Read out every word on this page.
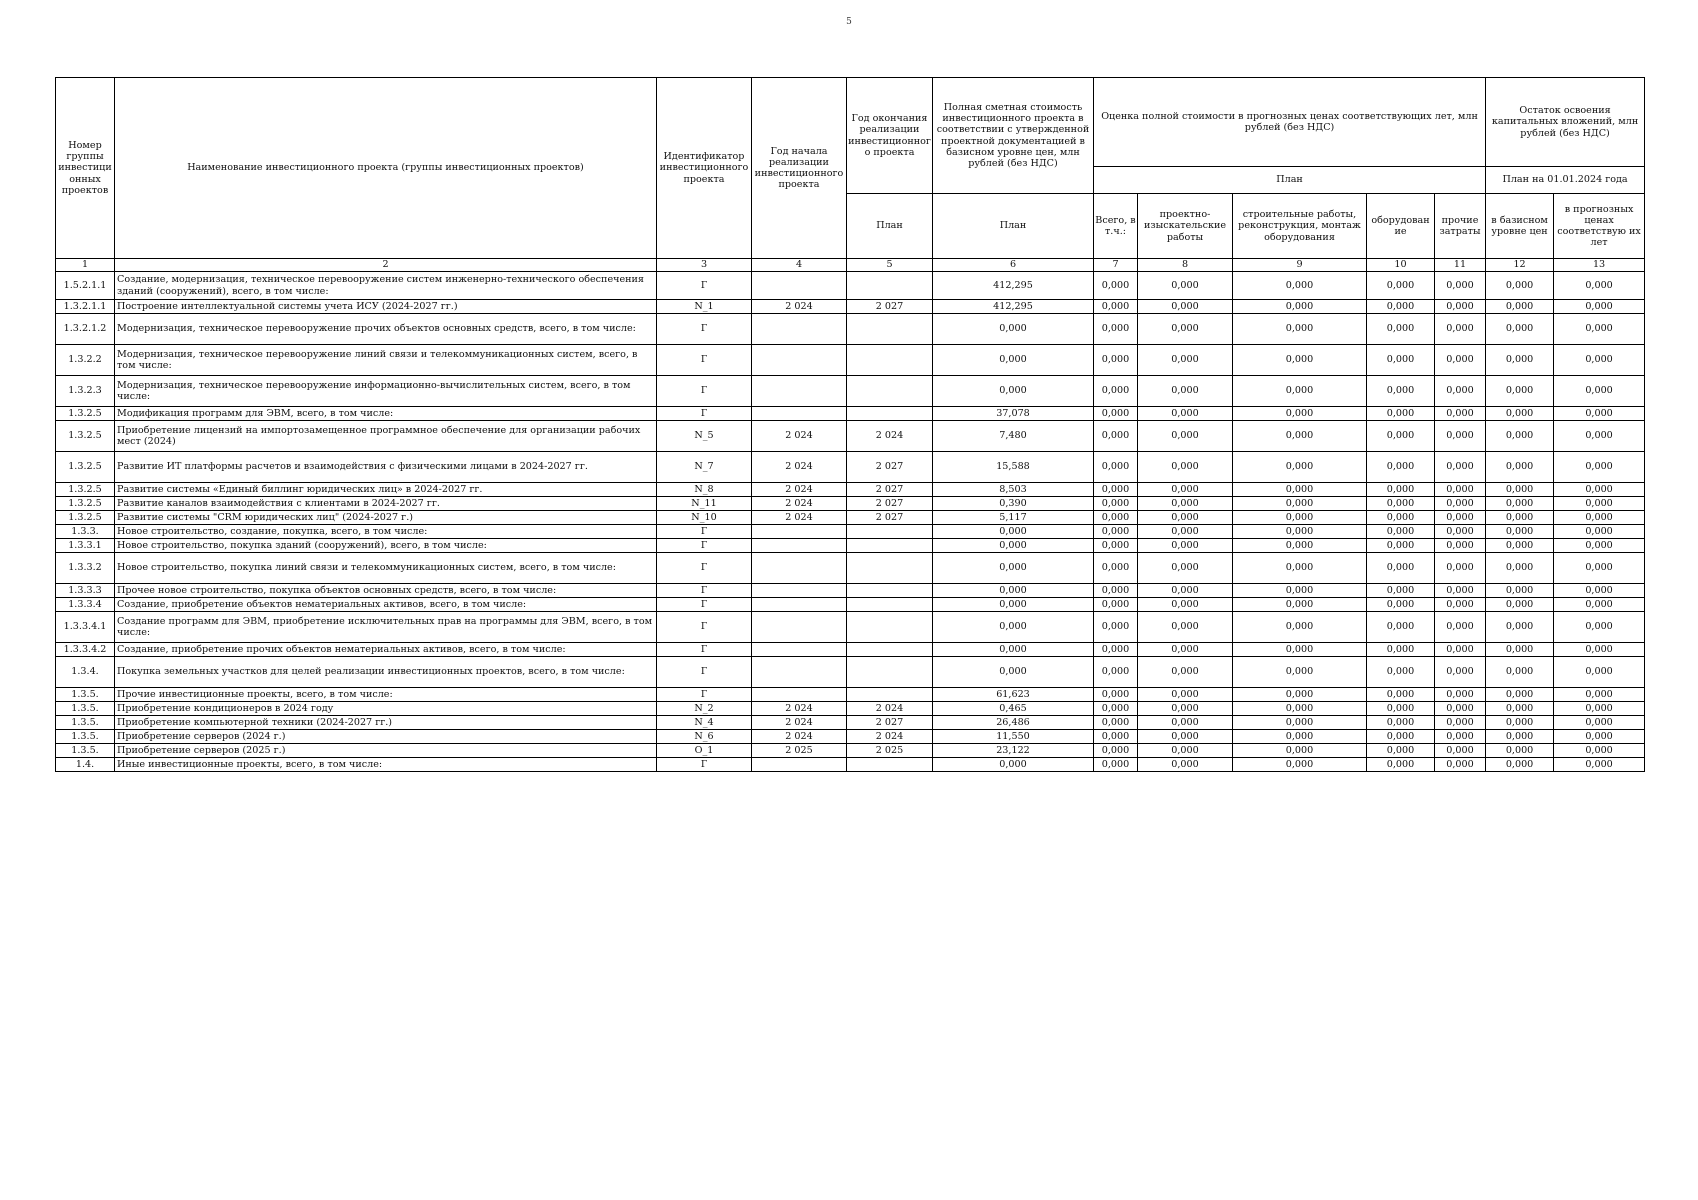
5
Номер группы инвестици онных проектов	Наименование инвестиционного проекта (группы инвестиционных проектов)	Идентификатор инвестиционного проекта	Год начала реализации инвестиционного проекта	Год окончания реализации инвестиционног о проекта	Полная сметная стоимость инвестиционного проекта в соответствии с утвержденной проектной документацией в базисном уровне цен, млн рублей (без НДС)	Оценка полной стоимости в прогнозных ценах соответствующих лет, млн рублей (без НДС)					Остаток освоения капитальных вложений, млн рублей (без НДС)	
						План					План на 01.01.2024 года	
				План	План	Всего, в т.ч.:	проектно-изыскательские работы	строительные работы, реконструкция, монтаж оборудования	оборудован ие	прочие затраты	в базисном уровне цен	в прогнозных ценах соответствую их лет
1	2	3	4	5	6	7	8	9	10	11	12	13
1.5.2.1.1	Создание, модернизация, техническое перевооружение систем инженерно-технического обеспечения зданий (сооружений), всего, в том числе:	Г			412,295	0,000	0,000	0,000	0,000	0,000	0,000	0,000
1.3.2.1.1	Построение интеллектуальной системы учета ИСУ (2024-2027 гг.)	N_1	2 024	2 027	412,295	0,000	0,000	0,000	0,000	0,000	0,000	0,000
1.3.2.1.2	Модернизация, техническое перевооружение прочих объектов основных средств, всего, в том числе:	Г			0,000	0,000	0,000	0,000	0,000	0,000	0,000	0,000
1.3.2.2	Модернизация, техническое перевооружение линий связи и телекоммуникационных систем, всего, в том числе:	Г			0,000	0,000	0,000	0,000	0,000	0,000	0,000	0,000
1.3.2.3	Модернизация, техническое перевооружение информационно-вычислительных систем, всего, в том числе:	Г			0,000	0,000	0,000	0,000	0,000	0,000	0,000	0,000
1.3.2.5	Модификация программ для ЭВМ, всего, в том числе:	Г			37,078	0,000	0,000	0,000	0,000	0,000	0,000	0,000
1.3.2.5	Приобретение лицензий на импортозамещенное программное обеспечение для организации рабочих мест (2024)	N_5	2 024	2 024	7,480	0,000	0,000	0,000	0,000	0,000	0,000	0,000
1.3.2.5	Развитие ИТ платформы расчетов и взаимодействия с физическими лицами в 2024-2027 гг.	N_7	2 024	2 027	15,588	0,000	0,000	0,000	0,000	0,000	0,000	0,000
1.3.2.5	Развитие системы «Единый биллинг юридических лиц» в 2024-2027 гг.	N_8	2 024	2 027	8,503	0,000	0,000	0,000	0,000	0,000	0,000	0,000
1.3.2.5	Развитие каналов взаимодействия с клиентами в 2024-2027 гг.	N_11	2 024	2 027	0,390	0,000	0,000	0,000	0,000	0,000	0,000	0,000
1.3.2.5	Развитие системы "CRM юридических лиц" (2024-2027 г.)	N_10	2 024	2 027	5,117	0,000	0,000	0,000	0,000	0,000	0,000	0,000
1.3.3.	Новое строительство, создание, покупка, всего, в том числе:	Г			0,000	0,000	0,000	0,000	0,000	0,000	0,000	0,000
1.3.3.1	Новое строительство, покупка зданий (сооружений), всего, в том числе:	Г			0,000	0,000	0,000	0,000	0,000	0,000	0,000	0,000
1.3.3.2	Новое строительство, покупка линий связи и телекоммуникационных систем, всего, в том числе:	Г			0,000	0,000	0,000	0,000	0,000	0,000	0,000	0,000
1.3.3.3	Прочее новое строительство, покупка объектов основных средств, всего, в том числе:	Г			0,000	0,000	0,000	0,000	0,000	0,000	0,000	0,000
1.3.3.4	Создание, приобретение объектов нематериальных активов, всего, в том числе:	Г			0,000	0,000	0,000	0,000	0,000	0,000	0,000	0,000
1.3.3.4.1	Создание программ для ЭВМ, приобретение исключительных прав на программы для ЭВМ, всего, в том числе:	Г			0,000	0,000	0,000	0,000	0,000	0,000	0,000	0,000
1.3.3.4.2	Создание, приобретение прочих объектов нематериальных активов, всего, в том числе:	Г			0,000	0,000	0,000	0,000	0,000	0,000	0,000	0,000
1.3.4.	Покупка земельных участков для целей реализации инвестиционных проектов, всего, в том числе:	Г			0,000	0,000	0,000	0,000	0,000	0,000	0,000	0,000
1.3.5.	Прочие инвестиционные проекты, всего, в том числе:	Г			61,623	0,000	0,000	0,000	0,000	0,000	0,000	0,000
1.3.5.	Приобретение кондиционеров в 2024 году	N_2	2 024	2 024	0,465	0,000	0,000	0,000	0,000	0,000	0,000	0,000
1.3.5.	Приобретение компьютерной техники (2024-2027 гг.)	N_4	2 024	2 027	26,486	0,000	0,000	0,000	0,000	0,000	0,000	0,000
1.3.5.	Приобретение серверов (2024 г.)	N_6	2 024	2 024	11,550	0,000	0,000	0,000	0,000	0,000	0,000	0,000
1.3.5.	Приобретение серверов (2025 г.)	O_1	2 025	2 025	23,122	0,000	0,000	0,000	0,000	0,000	0,000	0,000
1.4.	Иные инвестиционные проекты, всего, в том числе:	Г			0,000	0,000	0,000	0,000	0,000	0,000	0,000	0,000
